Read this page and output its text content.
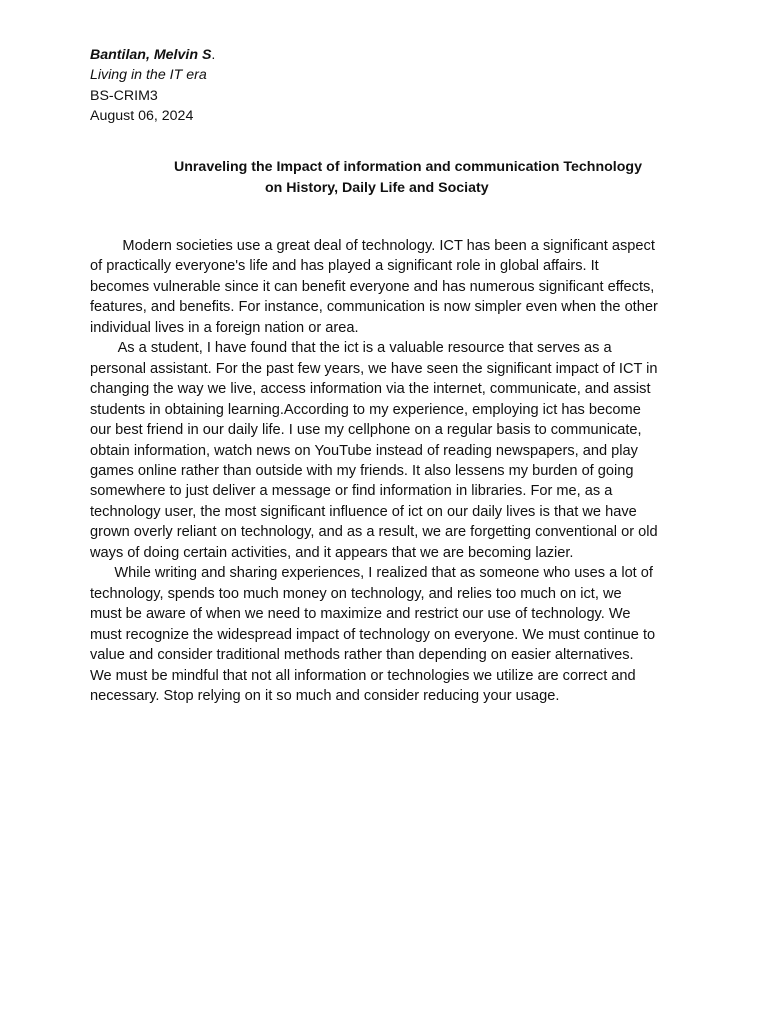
Bantilan, Melvin S.
Living in the IT era
BS-CRIM3
August 06, 2024
Unraveling the Impact of information and communication Technology
on History, Daily Life and Sociaty
Modern societies use a great deal of technology. ICT has been a significant aspect
of practically everyone's life and has played a significant role in global affairs. It
becomes vulnerable since it can benefit everyone and has numerous significant effects,
features, and benefits. For instance, communication is now simpler even when the other
individual lives in a foreign nation or area.
As a student, I have found that the ict is a valuable resource that serves as a
personal assistant. For the past few years, we have seen the significant impact of ICT in
changing the way we live, access information via the internet, communicate, and assist
students in obtaining learning.According to my experience, employing ict has become
our best friend in our daily life. I use my cellphone on a regular basis to communicate,
obtain information, watch news on YouTube instead of reading newspapers, and play
games online rather than outside with my friends. It also lessens my burden of going
somewhere to just deliver a message or find information in libraries. For me, as a
technology user, the most significant influence of ict on our daily lives is that we have
grown overly reliant on technology, and as a result, we are forgetting conventional or old
ways of doing certain activities, and it appears that we are becoming lazier.
While writing and sharing experiences, I realized that as someone who uses a lot of
technology, spends too much money on technology, and relies too much on ict, we
must be aware of when we need to maximize and restrict our use of technology. We
must recognize the widespread impact of technology on everyone. We must continue to
value and consider traditional methods rather than depending on easier alternatives.
We must be mindful that not all information or technologies we utilize are correct and
necessary. Stop relying on it so much and consider reducing your usage.
